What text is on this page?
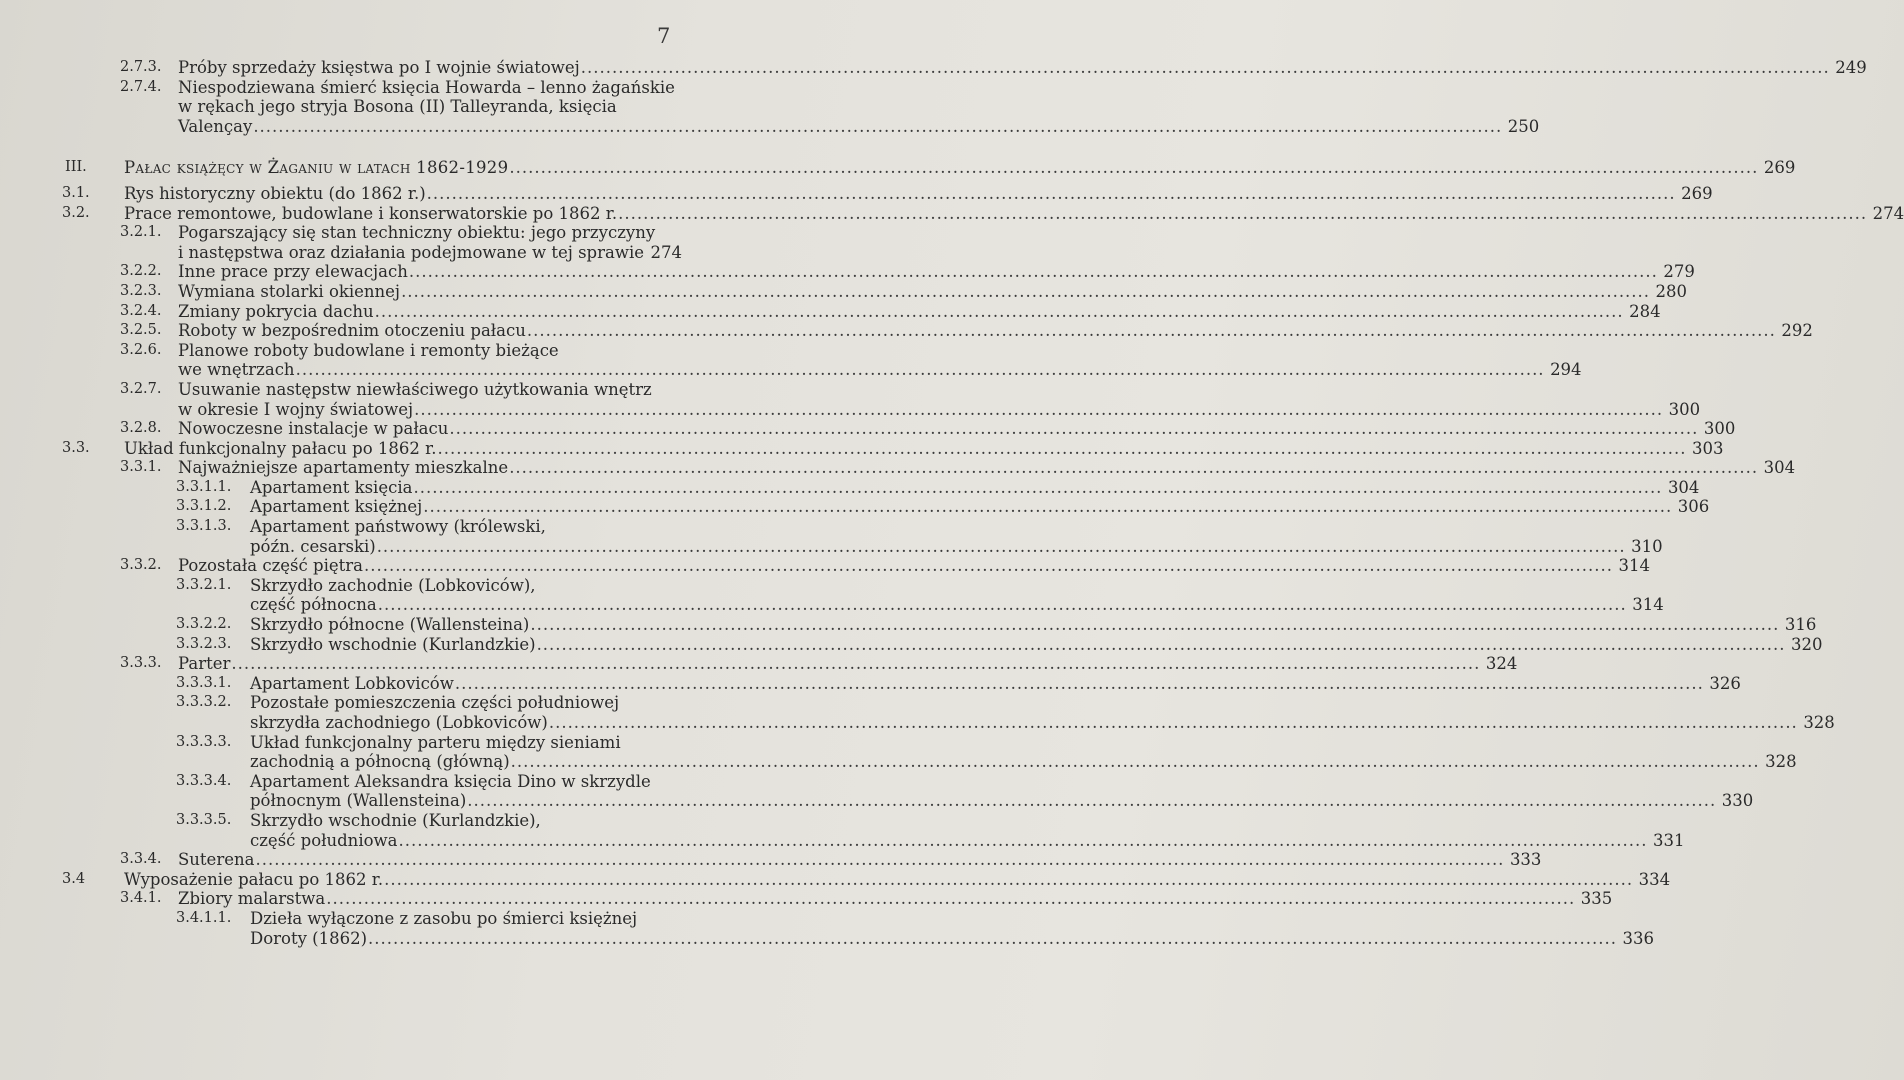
7
2.7.3. Próby sprzedaży księstwa po I wojnie światowej ........................................................................................................................................................................................................ 249
2.7.4. Niespodziewana śmierć księcia Howarda – lenno żagańskie
w rękach jego stryja Bosona (II) Talleyranda, księcia
Valençay ........................................................................................................................................................................................................ 250
III. Pałac książęcy w Żaganiu w latach 1862-1929 ........................................................................................................................................................................................................ 269
3.1. Rys historyczny obiektu (do 1862 r.) ........................................................................................................................................................................................................ 269
3.2. Prace remontowe, budowlane i konserwatorskie po 1862 r. ........................................................................................................................................................................................................ 274
3.2.1. Pogarszający się stan techniczny obiektu: jego przyczyny
i następstwa oraz działania podejmowane w tej sprawie 274
3.2.2. Inne prace przy elewacjach ........................................................................................................................................................................................................ 279
3.2.3. Wymiana stolarki okiennej ........................................................................................................................................................................................................ 280
3.2.4. Zmiany pokrycia dachu ........................................................................................................................................................................................................ 284
3.2.5. Roboty w bezpośrednim otoczeniu pałacu ........................................................................................................................................................................................................ 292
3.2.6. Planowe roboty budowlane i remonty bieżące
we wnętrzach ........................................................................................................................................................................................................ 294
3.2.7. Usuwanie następstw niewłaściwego użytkowania wnętrz
w okresie I wojny światowej ........................................................................................................................................................................................................ 300
3.2.8. Nowoczesne instalacje w pałacu ........................................................................................................................................................................................................ 300
3.3. Układ funkcjonalny pałacu po 1862 r. ........................................................................................................................................................................................................ 303
3.3.1. Najważniejsze apartamenty mieszkalne ........................................................................................................................................................................................................ 304
3.3.1.1. Apartament księcia ........................................................................................................................................................................................................ 304
3.3.1.2. Apartament księżnej ........................................................................................................................................................................................................ 306
3.3.1.3. Apartament państwowy (królewski,
późn. cesarski) ........................................................................................................................................................................................................ 310
3.3.2. Pozostała część piętra ........................................................................................................................................................................................................ 314
3.3.2.1. Skrzydło zachodnie (Lobkoviców),
część północna ........................................................................................................................................................................................................ 314
3.3.2.2. Skrzydło północne (Wallensteina) ........................................................................................................................................................................................................ 316
3.3.2.3. Skrzydło wschodnie (Kurlandzkie) ........................................................................................................................................................................................................ 320
3.3.3. Parter ........................................................................................................................................................................................................ 324
3.3.3.1. Apartament Lobkoviców ........................................................................................................................................................................................................ 326
3.3.3.2. Pozostałe pomieszczenia części południowej
skrzydła zachodniego (Lobkoviców) ........................................................................................................................................................................................................ 328
3.3.3.3. Układ funkcjonalny parteru między sieniami
zachodnią a północną (główną) ........................................................................................................................................................................................................ 328
3.3.3.4. Apartament Aleksandra księcia Dino w skrzydle
północnym (Wallensteina) ........................................................................................................................................................................................................ 330
3.3.3.5. Skrzydło wschodnie (Kurlandzkie),
część południowa ........................................................................................................................................................................................................ 331
3.3.4. Suterena ........................................................................................................................................................................................................ 333
3.4 Wyposażenie pałacu po 1862 r. ........................................................................................................................................................................................................ 334
3.4.1. Zbiory malarstwa ........................................................................................................................................................................................................ 335
3.4.1.1. Dzieła wyłączone z zasobu po śmierci księżnej
Doroty (1862) ........................................................................................................................................................................................................ 336
